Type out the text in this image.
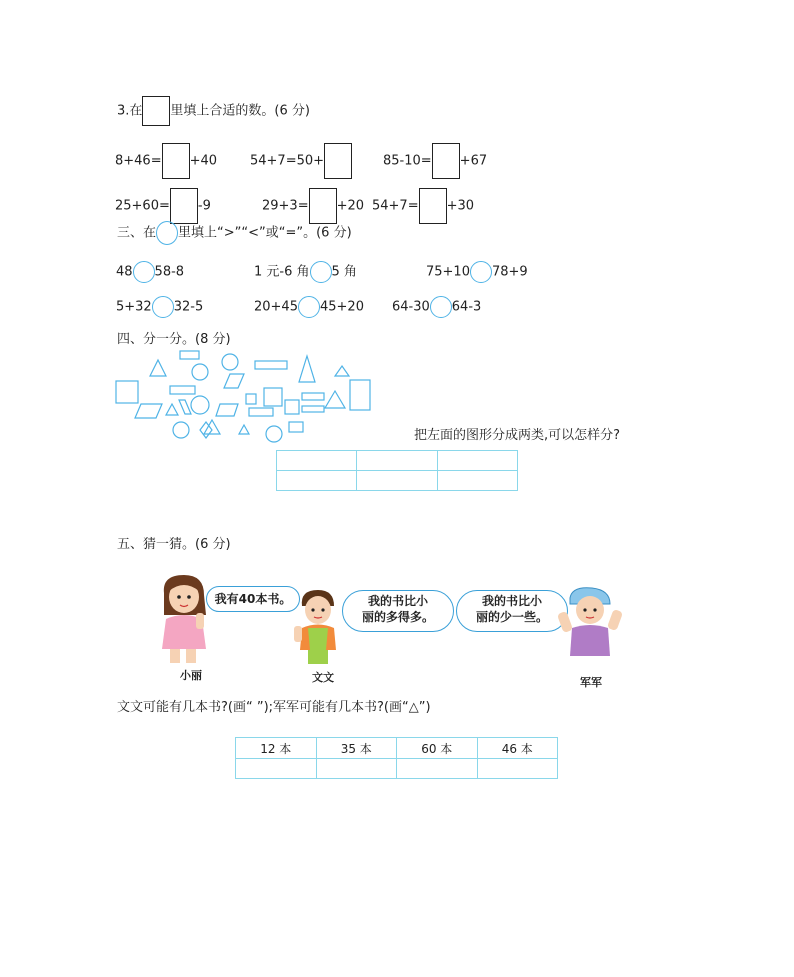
3.在 里填上合适的数。(6 分)
8+46= +40	54+7=50+	85-10= +67
25+60= -9	29+3= +20 54+7= +30
三、在 里填上“>”“<”或“=”。(6 分)
48 58-8	1 元-6 角 5 角	75+10 78+9
5+32 32-5	20+45 45+20 64-30 64-3
四、分一分。(8 分)
把左面的图形分成两类,可以怎样分?

五、猜一猜。(6 分)
我有40本书。
小丽
我的书比小
丽的多得多。
文文
我的书比小
丽的少一些。
军军
文文可能有几本书?(画“ ”);军军可能有几本书?(画“△”)
12 本	35 本	60 本	46 本
